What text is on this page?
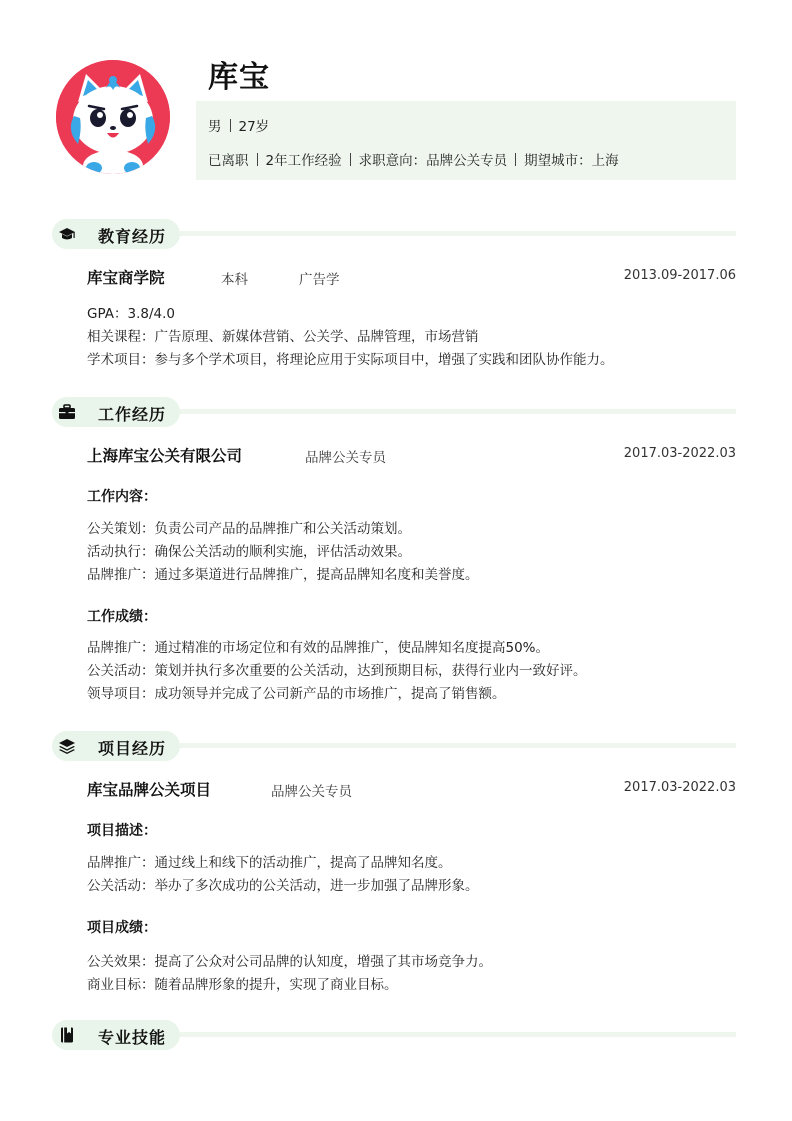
库宝
男 27岁
已离职 2年工作经验 求职意向：品牌公关专员 期望城市：上海
教育经历
库宝商学院	本科	广告学	2013.09-2017.06
GPA：3.8/4.0
相关课程：广告原理、新媒体营销、公关学、品牌管理，市场营销
学术项目：参与多个学术项目，将理论应用于实际项目中，增强了实践和团队协作能力。
工作经历
上海库宝公关有限公司	品牌公关专员	2017.03-2022.03
工作内容：
公关策划：负责公司产品的品牌推广和公关活动策划。
活动执行：确保公关活动的顺利实施，评估活动效果。
品牌推广：通过多渠道进行品牌推广，提高品牌知名度和美誉度。
工作成绩：
品牌推广：通过精准的市场定位和有效的品牌推广，使品牌知名度提高50%。
公关活动：策划并执行多次重要的公关活动，达到预期目标，获得行业内一致好评。
领导项目：成功领导并完成了公司新产品的市场推广，提高了销售额。
项目经历
库宝品牌公关项目	品牌公关专员	2017.03-2022.03
项目描述：
品牌推广：通过线上和线下的活动推广，提高了品牌知名度。
公关活动：举办了多次成功的公关活动，进一步加强了品牌形象。
项目成绩：
公关效果：提高了公众对公司品牌的认知度，增强了其市场竞争力。
商业目标：随着品牌形象的提升，实现了商业目标。
专业技能
